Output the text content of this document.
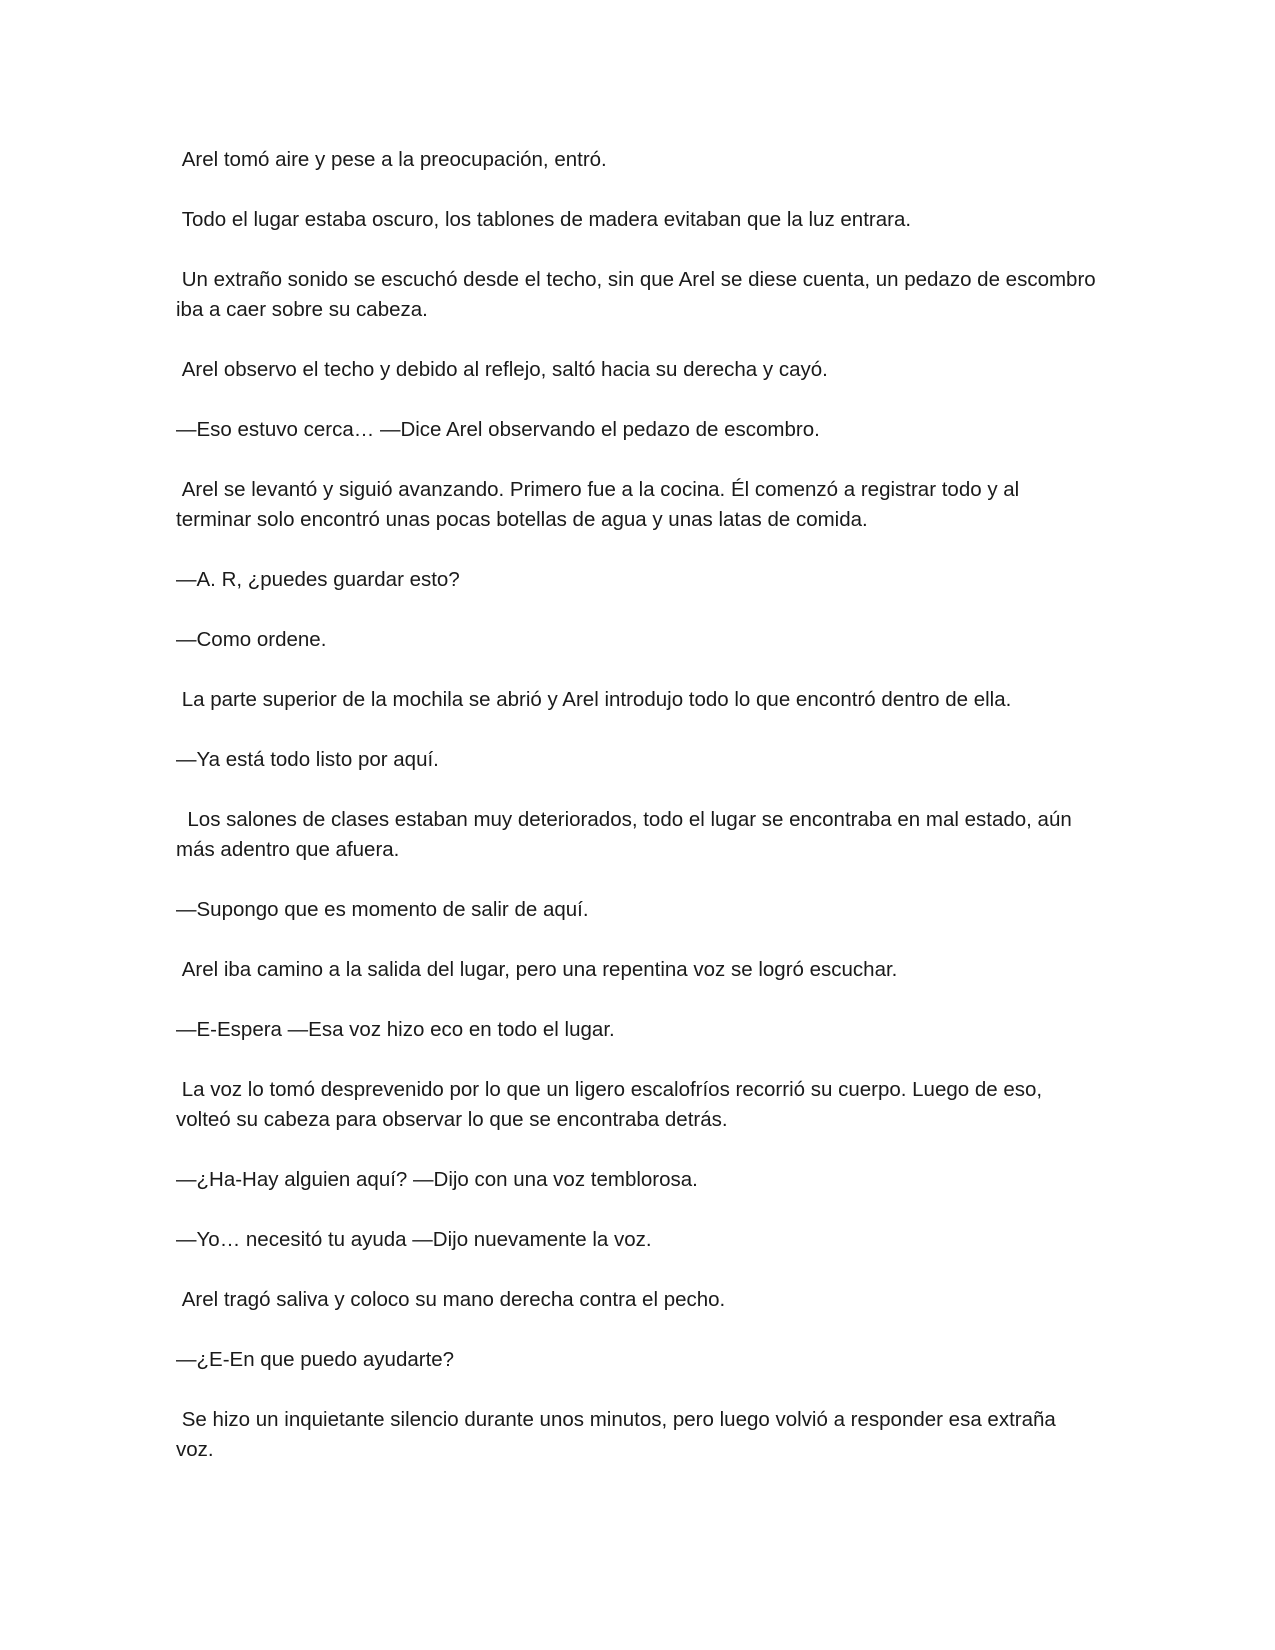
Arel tomó aire y pese a la preocupación, entró.

Todo el lugar estaba oscuro, los tablones de madera evitaban que la luz entrara.

Un extraño sonido se escuchó desde el techo, sin que Arel se diese cuenta, un pedazo de escombro iba a caer sobre su cabeza.

Arel observo el techo y debido al reflejo, saltó hacia su derecha y cayó.

—Eso estuvo cerca… —Dice Arel observando el pedazo de escombro.

Arel se levantó y siguió avanzando. Primero fue a la cocina. Él comenzó a registrar todo y al terminar solo encontró unas pocas botellas de agua y unas latas de comida.

—A. R, ¿puedes guardar esto?

—Como ordene.

La parte superior de la mochila se abrió y Arel introdujo todo lo que encontró dentro de ella.

—Ya está todo listo por aquí.

Los salones de clases estaban muy deteriorados, todo el lugar se encontraba en mal estado, aún más adentro que afuera.

—Supongo que es momento de salir de aquí.

Arel iba camino a la salida del lugar, pero una repentina voz se logró escuchar.

—E-Espera —Esa voz hizo eco en todo el lugar.

La voz lo tomó desprevenido por lo que un ligero escalofríos recorrió su cuerpo. Luego de eso, volteó su cabeza para observar lo que se encontraba detrás.

—¿Ha-Hay alguien aquí? —Dijo con una voz temblorosa.

—Yo… necesitó tu ayuda —Dijo nuevamente la voz.

Arel tragó saliva y coloco su mano derecha contra el pecho.

—¿E-En que puedo ayudarte?

Se hizo un inquietante silencio durante unos minutos, pero luego volvió a responder esa extraña voz.
